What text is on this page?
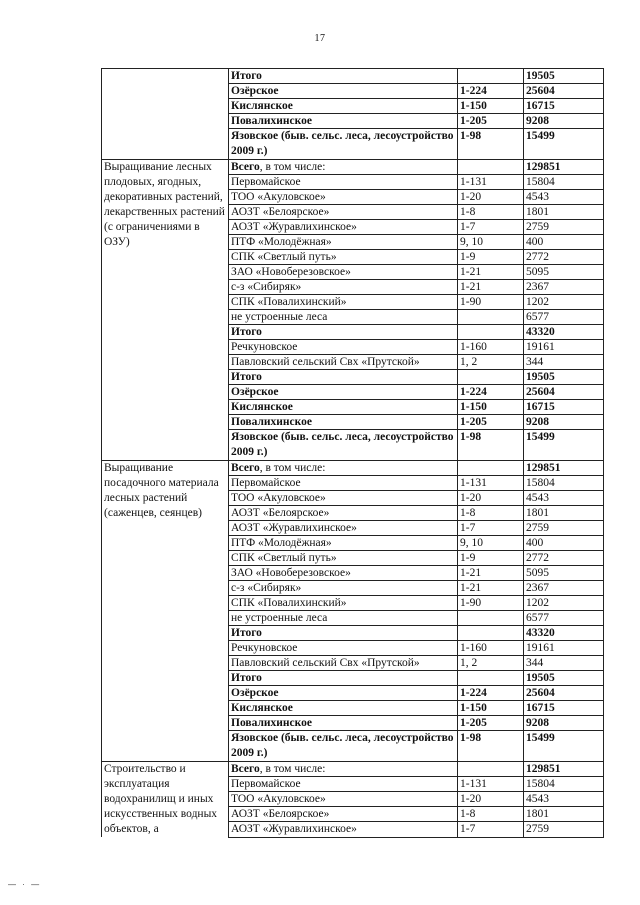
17
	Итого		19505
	Озёрское	1-224	25604
	Кислянское	1-150	16715
	Повалихинское	1-205	9208
	Язовское (быв. сельс. леса, лесоустройство 2009 г.)	1-98	15499
Выращивание лесных плодовых, ягодных, декоративных растений, лекарственных растений (с ограничениями в ОЗУ)	Всего, в том числе:		129851
	Первомайское	1-131	15804
	ТОО «Акуловское»	1-20	4543
	АОЗТ «Белоярское»	1-8	1801
	АОЗТ «Журавлихинское»	1-7	2759
	ПТФ «Молодёжная»	9, 10	400
	СПК «Светлый путь»	1-9	2772
	ЗАО «Новоберезовское»	1-21	5095
	с-з «Сибиряк»	1-21	2367
	СПК «Повалихинский»	1-90	1202
	не устроенные леса		6577
	Итого		43320
	Речкуновское	1-160	19161
	Павловский сельский Свх «Прутской»	1, 2	344
	Итого		19505
	Озёрское	1-224	25604
	Кислянское	1-150	16715
	Повалихинское	1-205	9208
	Язовское (быв. сельс. леса, лесоустройство 2009 г.)	1-98	15499
Выращивание посадочного материала лесных растений (саженцев, сеянцев)	Всего, в том числе:		129851
	Первомайское	1-131	15804
	ТОО «Акуловское»	1-20	4543
	АОЗТ «Белоярское»	1-8	1801
	АОЗТ «Журавлихинское»	1-7	2759
	ПТФ «Молодёжная»	9, 10	400
	СПК «Светлый путь»	1-9	2772
	ЗАО «Новоберезовское»	1-21	5095
	с-з «Сибиряк»	1-21	2367
	СПК «Повалихинский»	1-90	1202
	не устроенные леса		6577
	Итого		43320
	Речкуновское	1-160	19161
	Павловский сельский Свх «Прутской»	1, 2	344
	Итого		19505
	Озёрское	1-224	25604
	Кислянское	1-150	16715
	Повалихинское	1-205	9208
	Язовское (быв. сельс. леса, лесоустройство 2009 г.)	1-98	15499
Строительство и эксплуатация водохранилищ и иных искусственных водных объектов, а	Всего, в том числе:		129851
	Первомайское	1-131	15804
	ТОО «Акуловское»	1-20	4543
	АОЗТ «Белоярское»	1-8	1801
	АОЗТ «Журавлихинское»	1-7	2759
— · —
